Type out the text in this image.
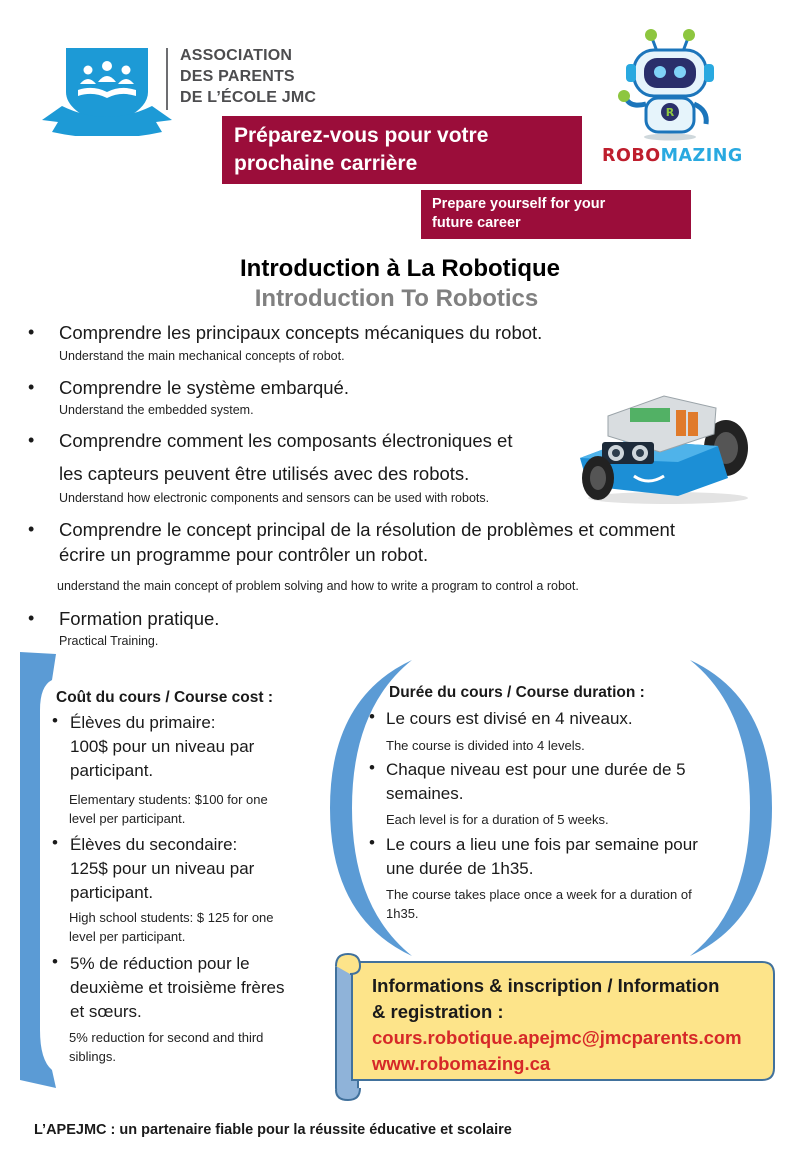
ASSOCIATION
DES PARENTS
DE L’ÉCOLE JMC
Préparez-vous pour votre
prochaine carrière
Prepare yourself for your
future career
R
ROBOMAZING
Introduction à La Robotique
Introduction To Robotics
• Comprendre les principaux concepts mécaniques du robot.
Understand the main mechanical concepts of robot.
• Comprendre le système embarqué.
Understand the embedded system.
• Comprendre comment les composants électroniques et
les capteurs peuvent être utilisés avec des robots.
Understand how electronic components and sensors can be used with robots.
• Comprendre le concept principal de la résolution de problèmes et comment
écrire un programme pour contrôler un robot.
understand the main concept of problem solving and how to write a program to control a robot.
• Formation pratique.
Practical Training.
Coût du cours / Course cost :
• Élèves du primaire:
100$ pour un niveau par
participant.
Elementary students: $100 for one
level per participant.
• Élèves du secondaire:
125$ pour un niveau par
participant.
High school students: $ 125 for one
level per participant.
• 5% de réduction pour le
deuxième et troisième frères
et sœurs.
5% reduction for second and third
siblings.
Durée du cours / Course duration :
• Le cours est divisé en 4 niveaux.
The course is divided into 4 levels.
• Chaque niveau est pour une durée de 5
semaines.
Each level is for a duration of 5 weeks.
• Le cours a lieu une fois par semaine pour
une durée de 1h35.
The course takes place once a week for a duration of
1h35.
Informations & inscription / Information
& registration :
cours.robotique.apejmc@jmcparents.com
www.robomazing.ca
L’APEJMC : un partenaire fiable pour la réussite éducative et scolaire
